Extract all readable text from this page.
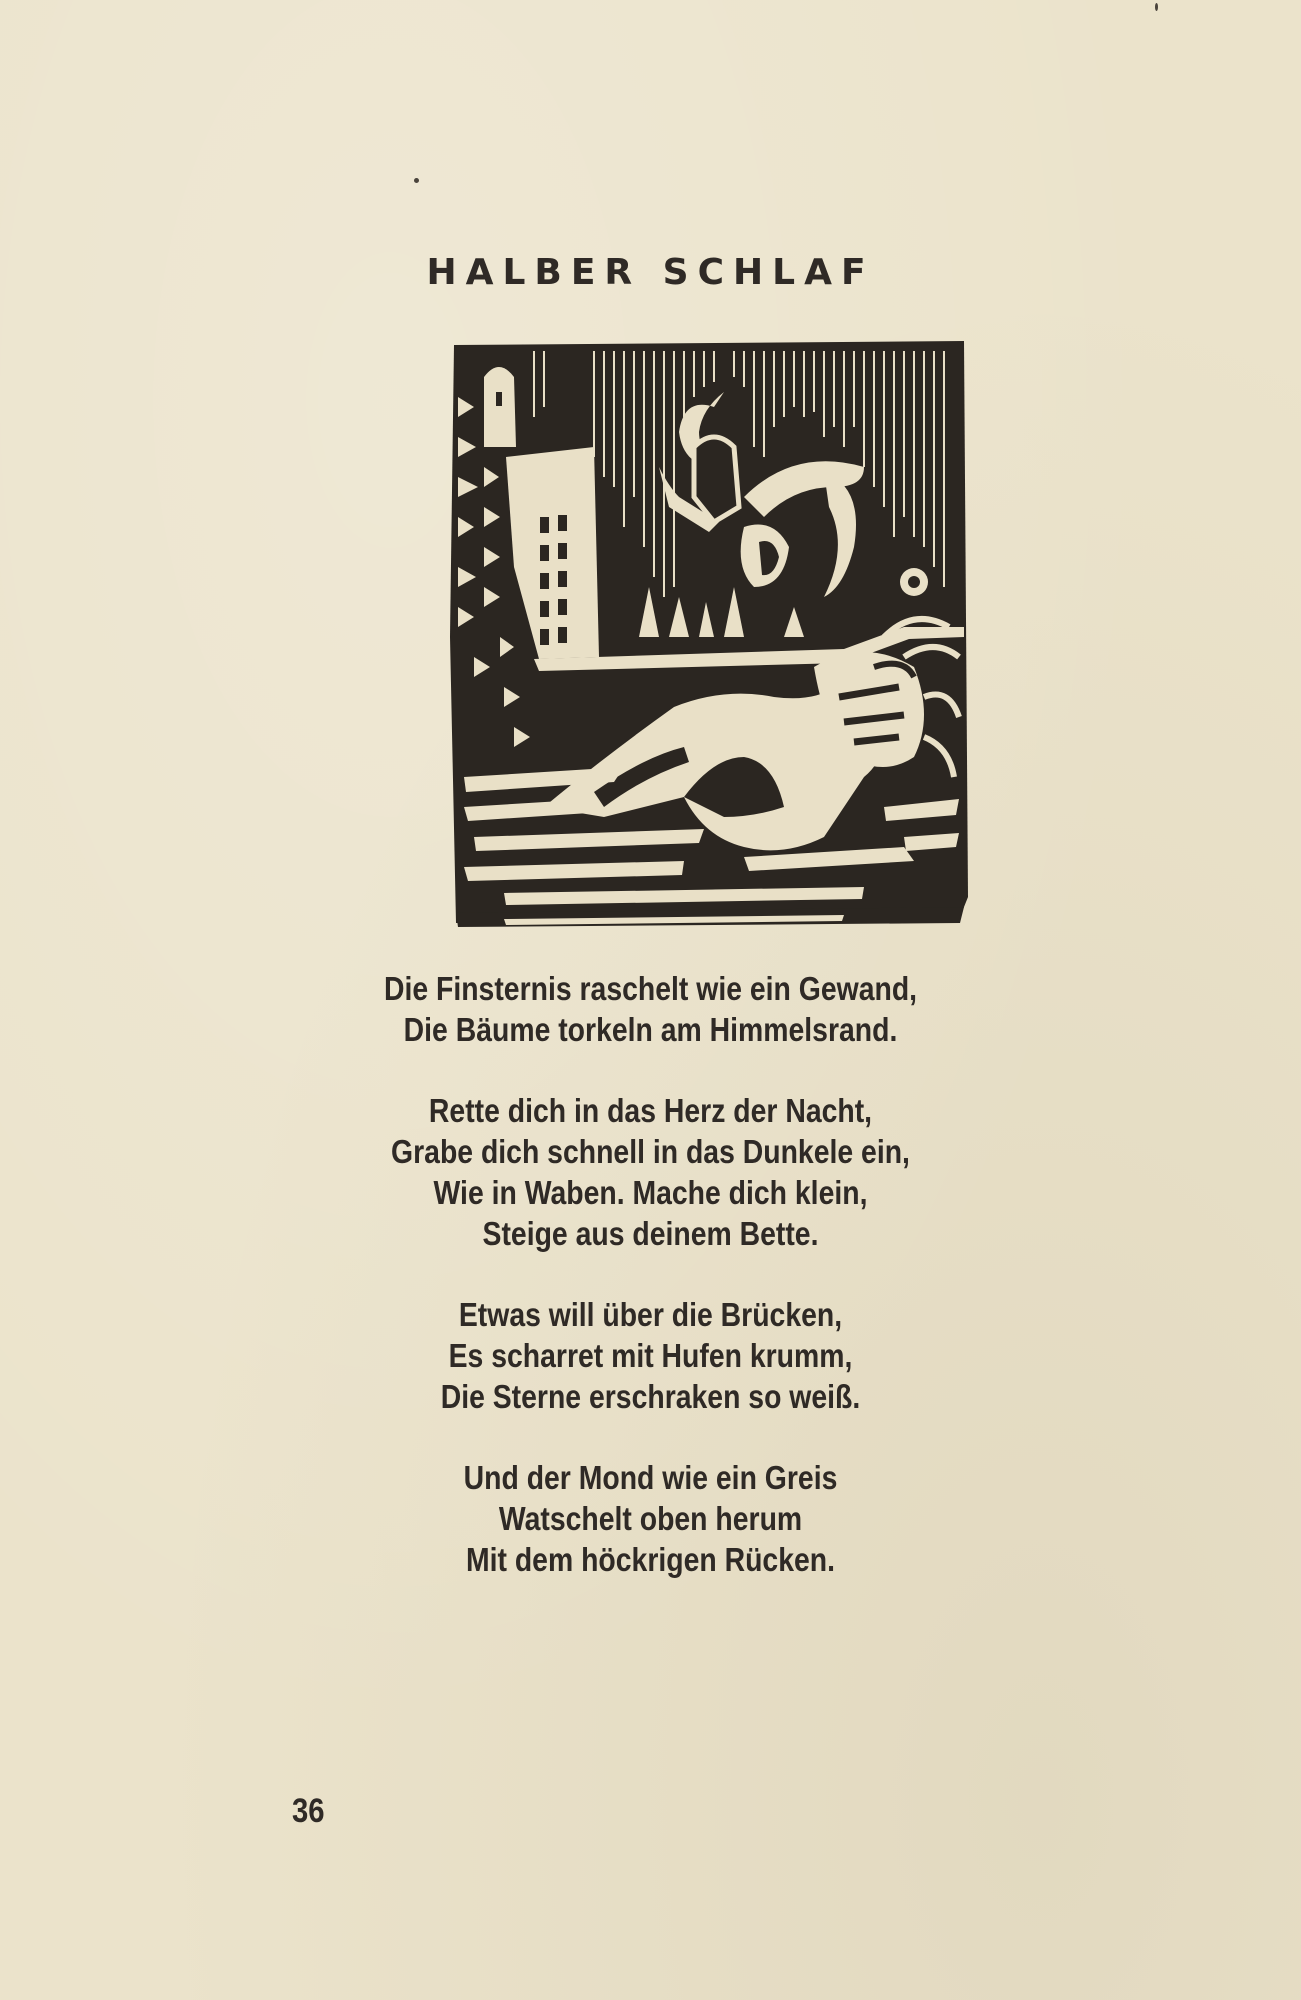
HALBER SCHLAF
Die Finsternis raschelt wie ein Gewand,
Die Bäume torkeln am Himmelsrand.
Rette dich in das Herz der Nacht,
Grabe dich schnell in das Dunkele ein,
Wie in Waben. Mache dich klein,
Steige aus deinem Bette.
Etwas will über die Brücken,
Es scharret mit Hufen krumm,
Die Sterne erschraken so weiß.
Und der Mond wie ein Greis
Watschelt oben herum
Mit dem höckrigen Rücken.
36
